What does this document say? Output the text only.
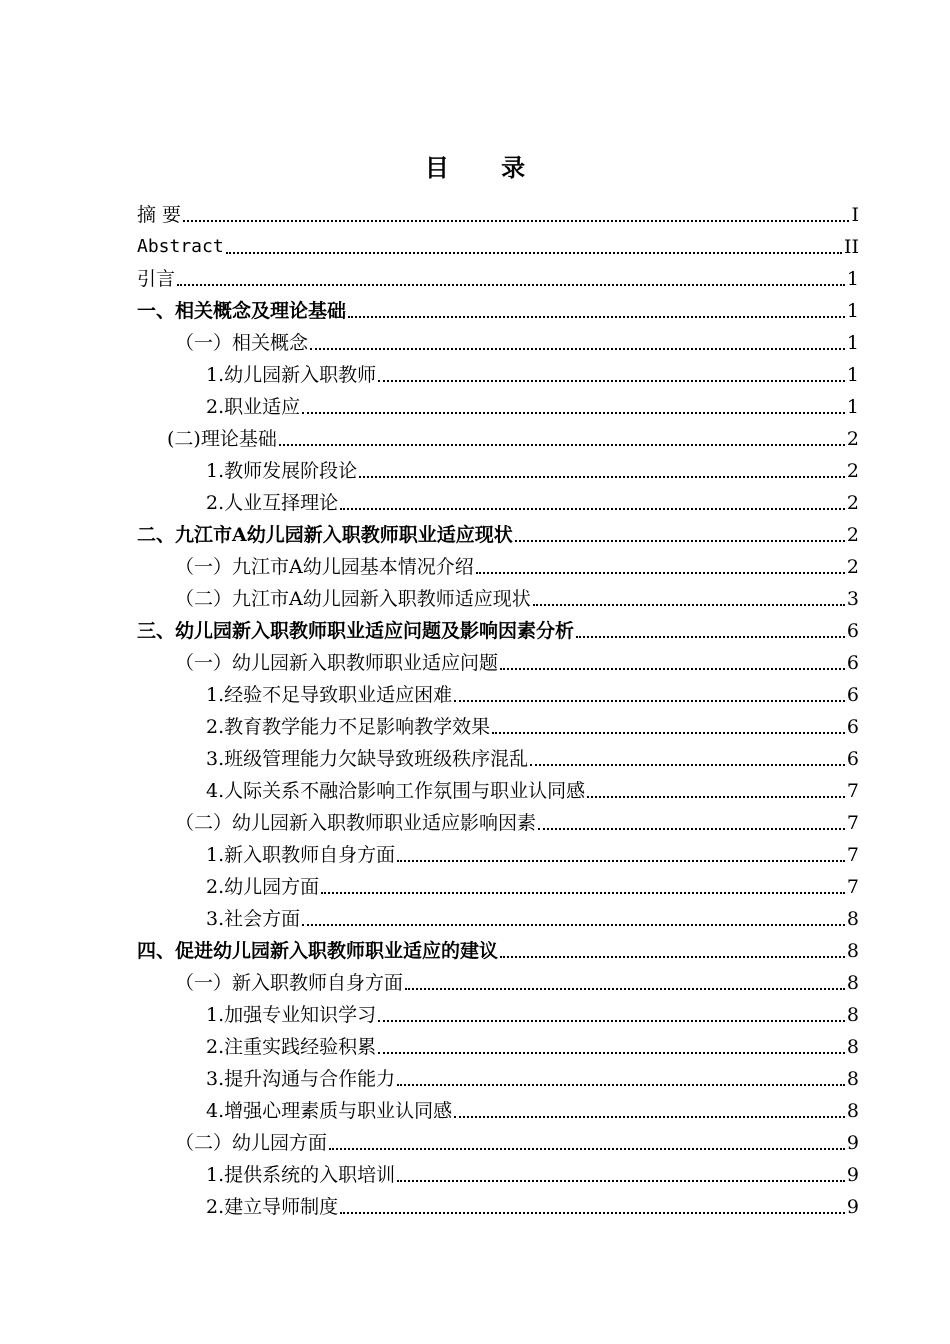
目 录
摘 要	I
Abstract	II
引言	1
一、相关概念及理论基础	1
（一）相关概念	1
1.幼儿园新入职教师	1
2.职业适应	1
(二)理论基础	2
1.教师发展阶段论	2
2.人业互择理论	2
二、九江市A幼儿园新入职教师职业适应现状	2
（一）九江市A幼儿园基本情况介绍	2
（二）九江市A幼儿园新入职教师适应现状	3
三、幼儿园新入职教师职业适应问题及影响因素分析	6
（一）幼儿园新入职教师职业适应问题	6
1.经验不足导致职业适应困难	6
2.教育教学能力不足影响教学效果	6
3.班级管理能力欠缺导致班级秩序混乱	6
4.人际关系不融洽影响工作氛围与职业认同感	7
（二）幼儿园新入职教师职业适应影响因素	7
1.新入职教师自身方面	7
2.幼儿园方面	7
3.社会方面	8
四、促进幼儿园新入职教师职业适应的建议	8
（一）新入职教师自身方面	8
1.加强专业知识学习	8
2.注重实践经验积累	8
3.提升沟通与合作能力	8
4.增强心理素质与职业认同感	8
（二）幼儿园方面	9
1.提供系统的入职培训	9
2.建立导师制度	9
